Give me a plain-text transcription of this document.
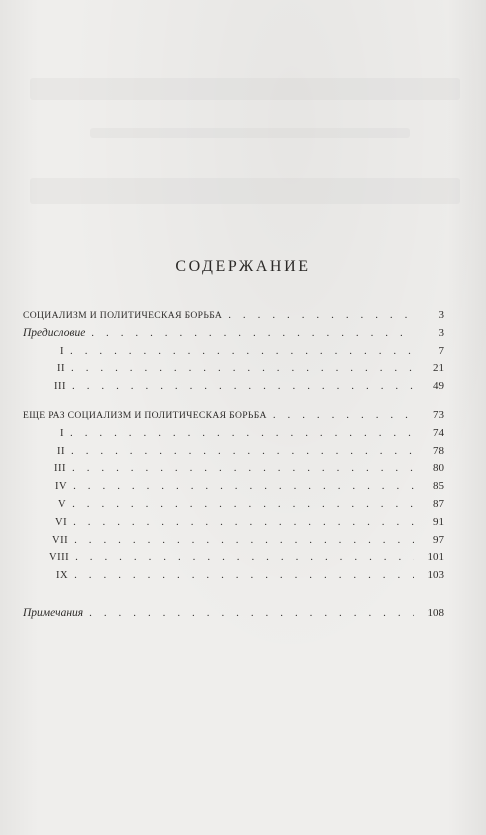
СОДЕРЖАНИЕ
СОЦИАЛИЗМ И ПОЛИТИЧЕСКАЯ БОРЬБА . . .	3
Предисловие . . .	3
I . . .	7
II . . .	21
III . . .	49
ЕЩЕ РАЗ СОЦИАЛИЗМ И ПОЛИТИЧЕСКАЯ БОРЬБА . . .	73
I . . .	74
II . . .	78
III . . .	80
IV . . .	85
V . . .	87
VI . . .	91
VII . . .	97
VIII . . .	101
IX . . .	103
Примечания . . .	108
